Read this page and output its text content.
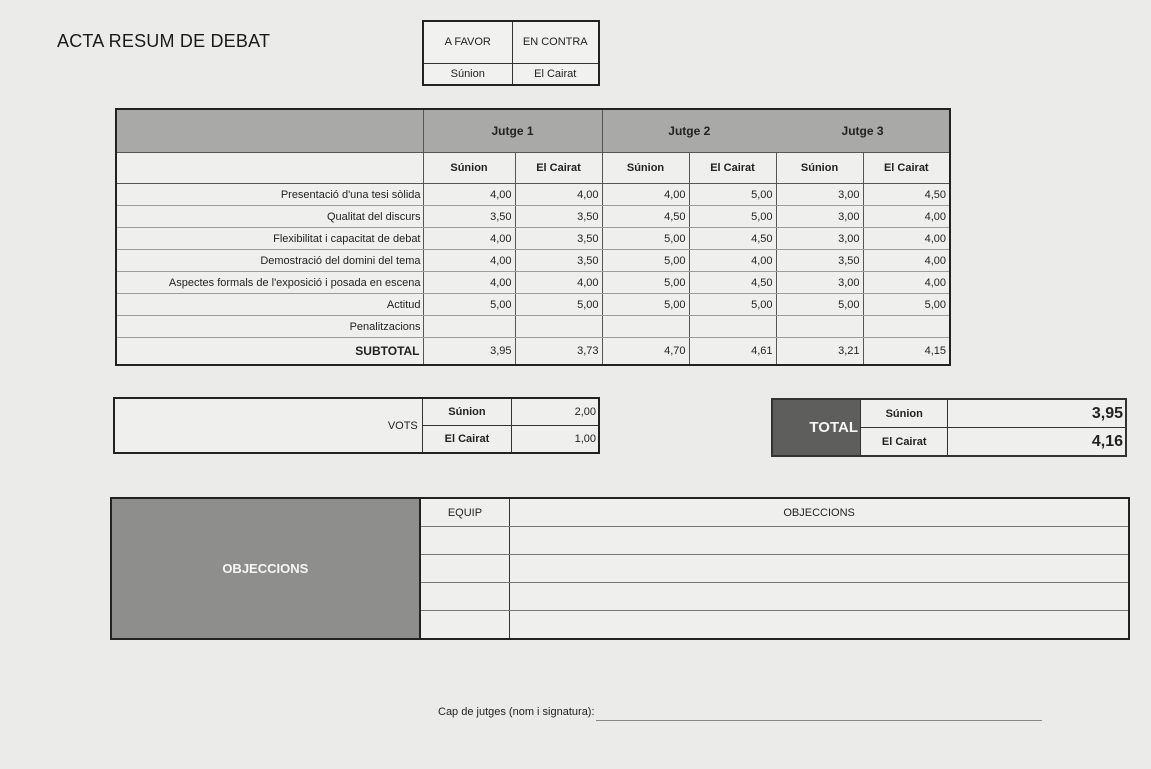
ACTA RESUM DE DEBAT	A FAVOR	EN CONTRA
Súnion	El Cairat
	Jutge 1		Jutge 2		Jutge 3	
	Súnion	El Cairat	Súnion	El Cairat	Súnion	El Cairat
Presentació d'una tesi sòlida	4,00	4,00	4,00	5,00	3,00	4,50
Qualitat del discurs	3,50	3,50	4,50	5,00	3,00	4,00
Flexibilitat i capacitat de debat	4,00	3,50	5,00	4,50	3,00	4,00
Demostració del domini del tema	4,00	3,50	5,00	4,00	3,50	4,00
Aspectes formals de l'exposició i posada en escena	4,00	4,00	5,00	4,50	3,00	4,00
Actitud	5,00	5,00	5,00	5,00	5,00	5,00
Penalitzacions						
SUBTOTAL	3,95	3,73	4,70	4,61	3,21	4,15
VOTS	Súnion	2,00
	El Cairat	1,00
TOTAL	Súnion	3,95
	El Cairat	4,16
OBJECCIONS	EQUIP	OBJECCIONS

Cap de jutges (nom i signatura):
